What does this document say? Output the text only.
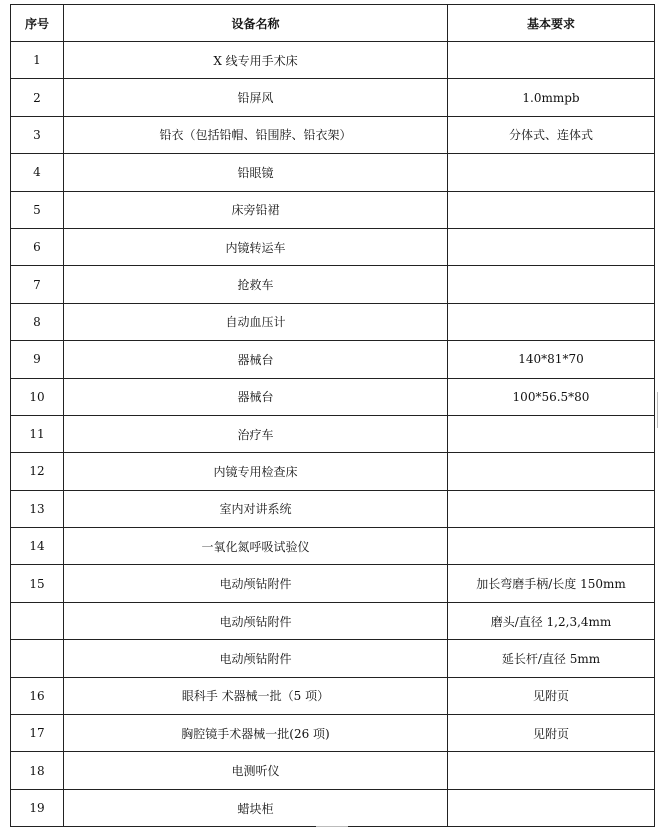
序号	设备名称	基本要求
1	X 线专用手术床	
2	铅屏风	1.0mmpb
3	铅衣（包括铅帽、铅围脖、铅衣架）	分体式、连体式
4	铅眼镜	
5	床旁铅裙	
6	内镜转运车	
7	抢救车	
8	自动血压计	
9	器械台	140*81*70
10	器械台	100*56.5*80
11	治疗车	
12	内镜专用检查床	
13	室内对讲系统	
14	一氧化氮呼吸试验仪	
15	电动颅钻附件	加长弯磨手柄/长度 150mm
	电动颅钻附件	磨头/直径 1,2,3,4mm
	电动颅钻附件	延长杆/直径 5mm
16	眼科手 术器械一批（5 项）	见附页
17	胸腔镜手术器械一批(26 项)	见附页
18	电测听仪	
19	蜡块柜	
